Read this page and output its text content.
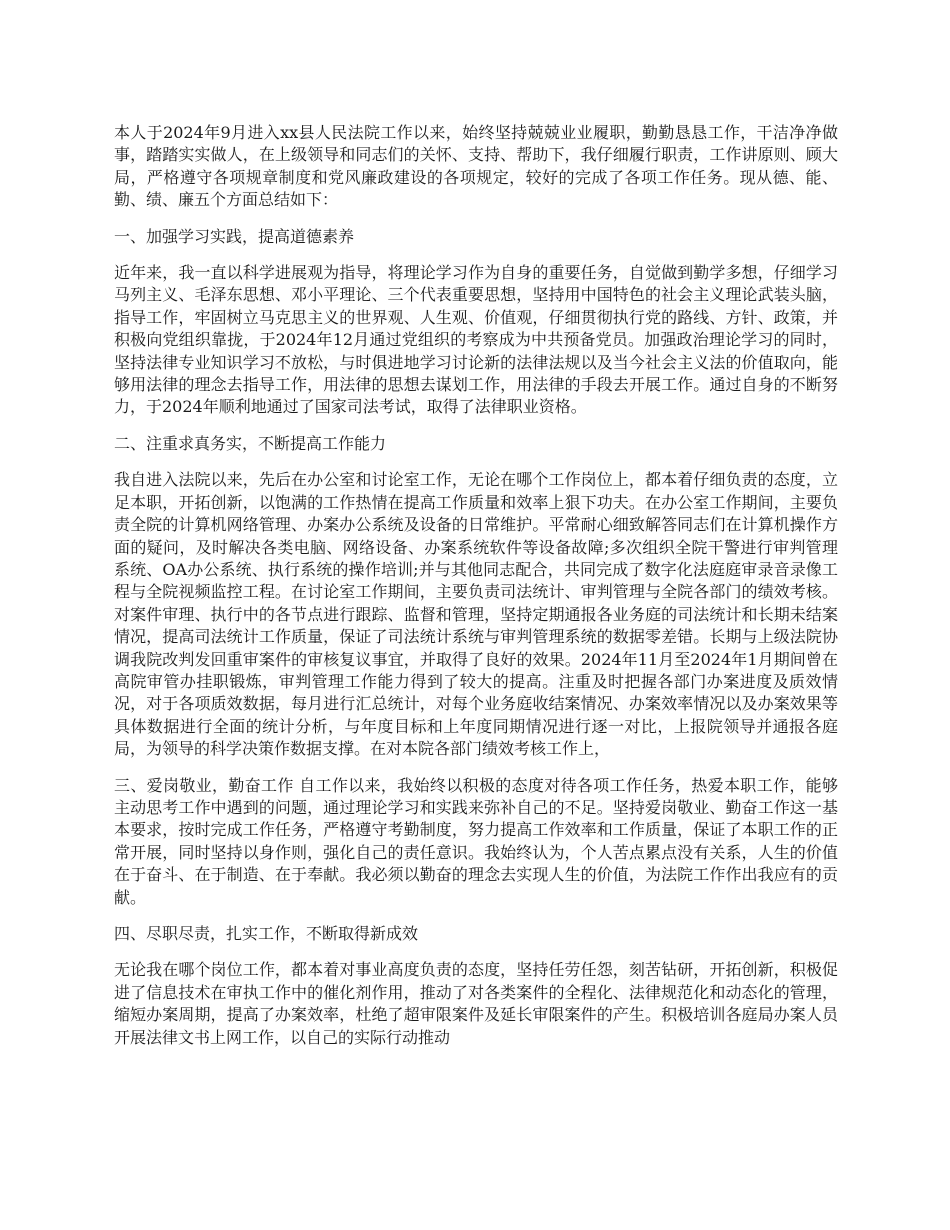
本人于2024年9月进入xx县人民法院工作以来，始终坚持兢兢业业履职，勤勤恳恳工作，干洁净净做事，踏踏实实做人，在上级领导和同志们的关怀、支持、帮助下，我仔细履行职责，工作讲原则、顾大局，严格遵守各项规章制度和党风廉政建设的各项规定，较好的完成了各项工作任务。现从德、能、勤、绩、廉五个方面总结如下：

一、加强学习实践，提高道德素养

近年来，我一直以科学进展观为指导，将理论学习作为自身的重要任务，自觉做到勤学多想，仔细学习马列主义、毛泽东思想、邓小平理论、三个代表重要思想，坚持用中国特色的社会主义理论武装头脑，指导工作，牢固树立马克思主义的世界观、人生观、价值观，仔细贯彻执行党的路线、方针、政策，并积极向党组织靠拢，于2024年12月通过党组织的考察成为中共预备党员。加强政治理论学习的同时，坚持法律专业知识学习不放松，与时俱进地学习讨论新的法律法规以及当今社会主义法的价值取向，能够用法律的理念去指导工作，用法律的思想去谋划工作，用法律的手段去开展工作。通过自身的不断努力，于2024年顺利地通过了国家司法考试，取得了法律职业资格。

二、注重求真务实，不断提高工作能力

我自进入法院以来，先后在办公室和讨论室工作，无论在哪个工作岗位上，都本着仔细负责的态度，立足本职，开拓创新，以饱满的工作热情在提高工作质量和效率上狠下功夫。在办公室工作期间，主要负责全院的计算机网络管理、办案办公系统及设备的日常维护。平常耐心细致解答同志们在计算机操作方面的疑问，及时解决各类电脑、网络设备、办案系统软件等设备故障;多次组织全院干警进行审判管理系统、OA办公系统、执行系统的操作培训;并与其他同志配合，共同完成了数字化法庭庭审录音录像工程与全院视频监控工程。在讨论室工作期间，主要负责司法统计、审判管理与全院各部门的绩效考核。对案件审理、执行中的各节点进行跟踪、监督和管理，坚持定期通报各业务庭的司法统计和长期未结案情况，提高司法统计工作质量，保证了司法统计系统与审判管理系统的数据零差错。长期与上级法院协调我院改判发回重审案件的审核复议事宜，并取得了良好的效果。2024年11月至2024年1月期间曾在高院审管办挂职锻炼，审判管理工作能力得到了较大的提高。注重及时把握各部门办案进度及质效情况，对于各项质效数据，每月进行汇总统计，对每个业务庭收结案情况、办案效率情况以及办案效果等具体数据进行全面的统计分析，与年度目标和上年度同期情况进行逐一对比，上报院领导并通报各庭局，为领导的科学决策作数据支撑。在对本院各部门绩效考核工作上，

三、爱岗敬业，勤奋工作 自工作以来，我始终以积极的态度对待各项工作任务，热爱本职工作，能够主动思考工作中遇到的问题，通过理论学习和实践来弥补自己的不足。坚持爱岗敬业、勤奋工作这一基本要求，按时完成工作任务，严格遵守考勤制度，努力提高工作效率和工作质量，保证了本职工作的正常开展，同时坚持以身作则，强化自己的责任意识。我始终认为，个人苦点累点没有关系，人生的价值在于奋斗、在于制造、在于奉献。我必须以勤奋的理念去实现人生的价值，为法院工作作出我应有的贡献。

四、尽职尽责，扎实工作，不断取得新成效

无论我在哪个岗位工作，都本着对事业高度负责的态度，坚持任劳任怨，刻苦钻研，开拓创新，积极促进了信息技术在审执工作中的催化剂作用，推动了对各类案件的全程化、法律规范化和动态化的管理，缩短办案周期，提高了办案效率，杜绝了超审限案件及延长审限案件的产生。积极培训各庭局办案人员开展法律文书上网工作，以自己的实际行动推动
